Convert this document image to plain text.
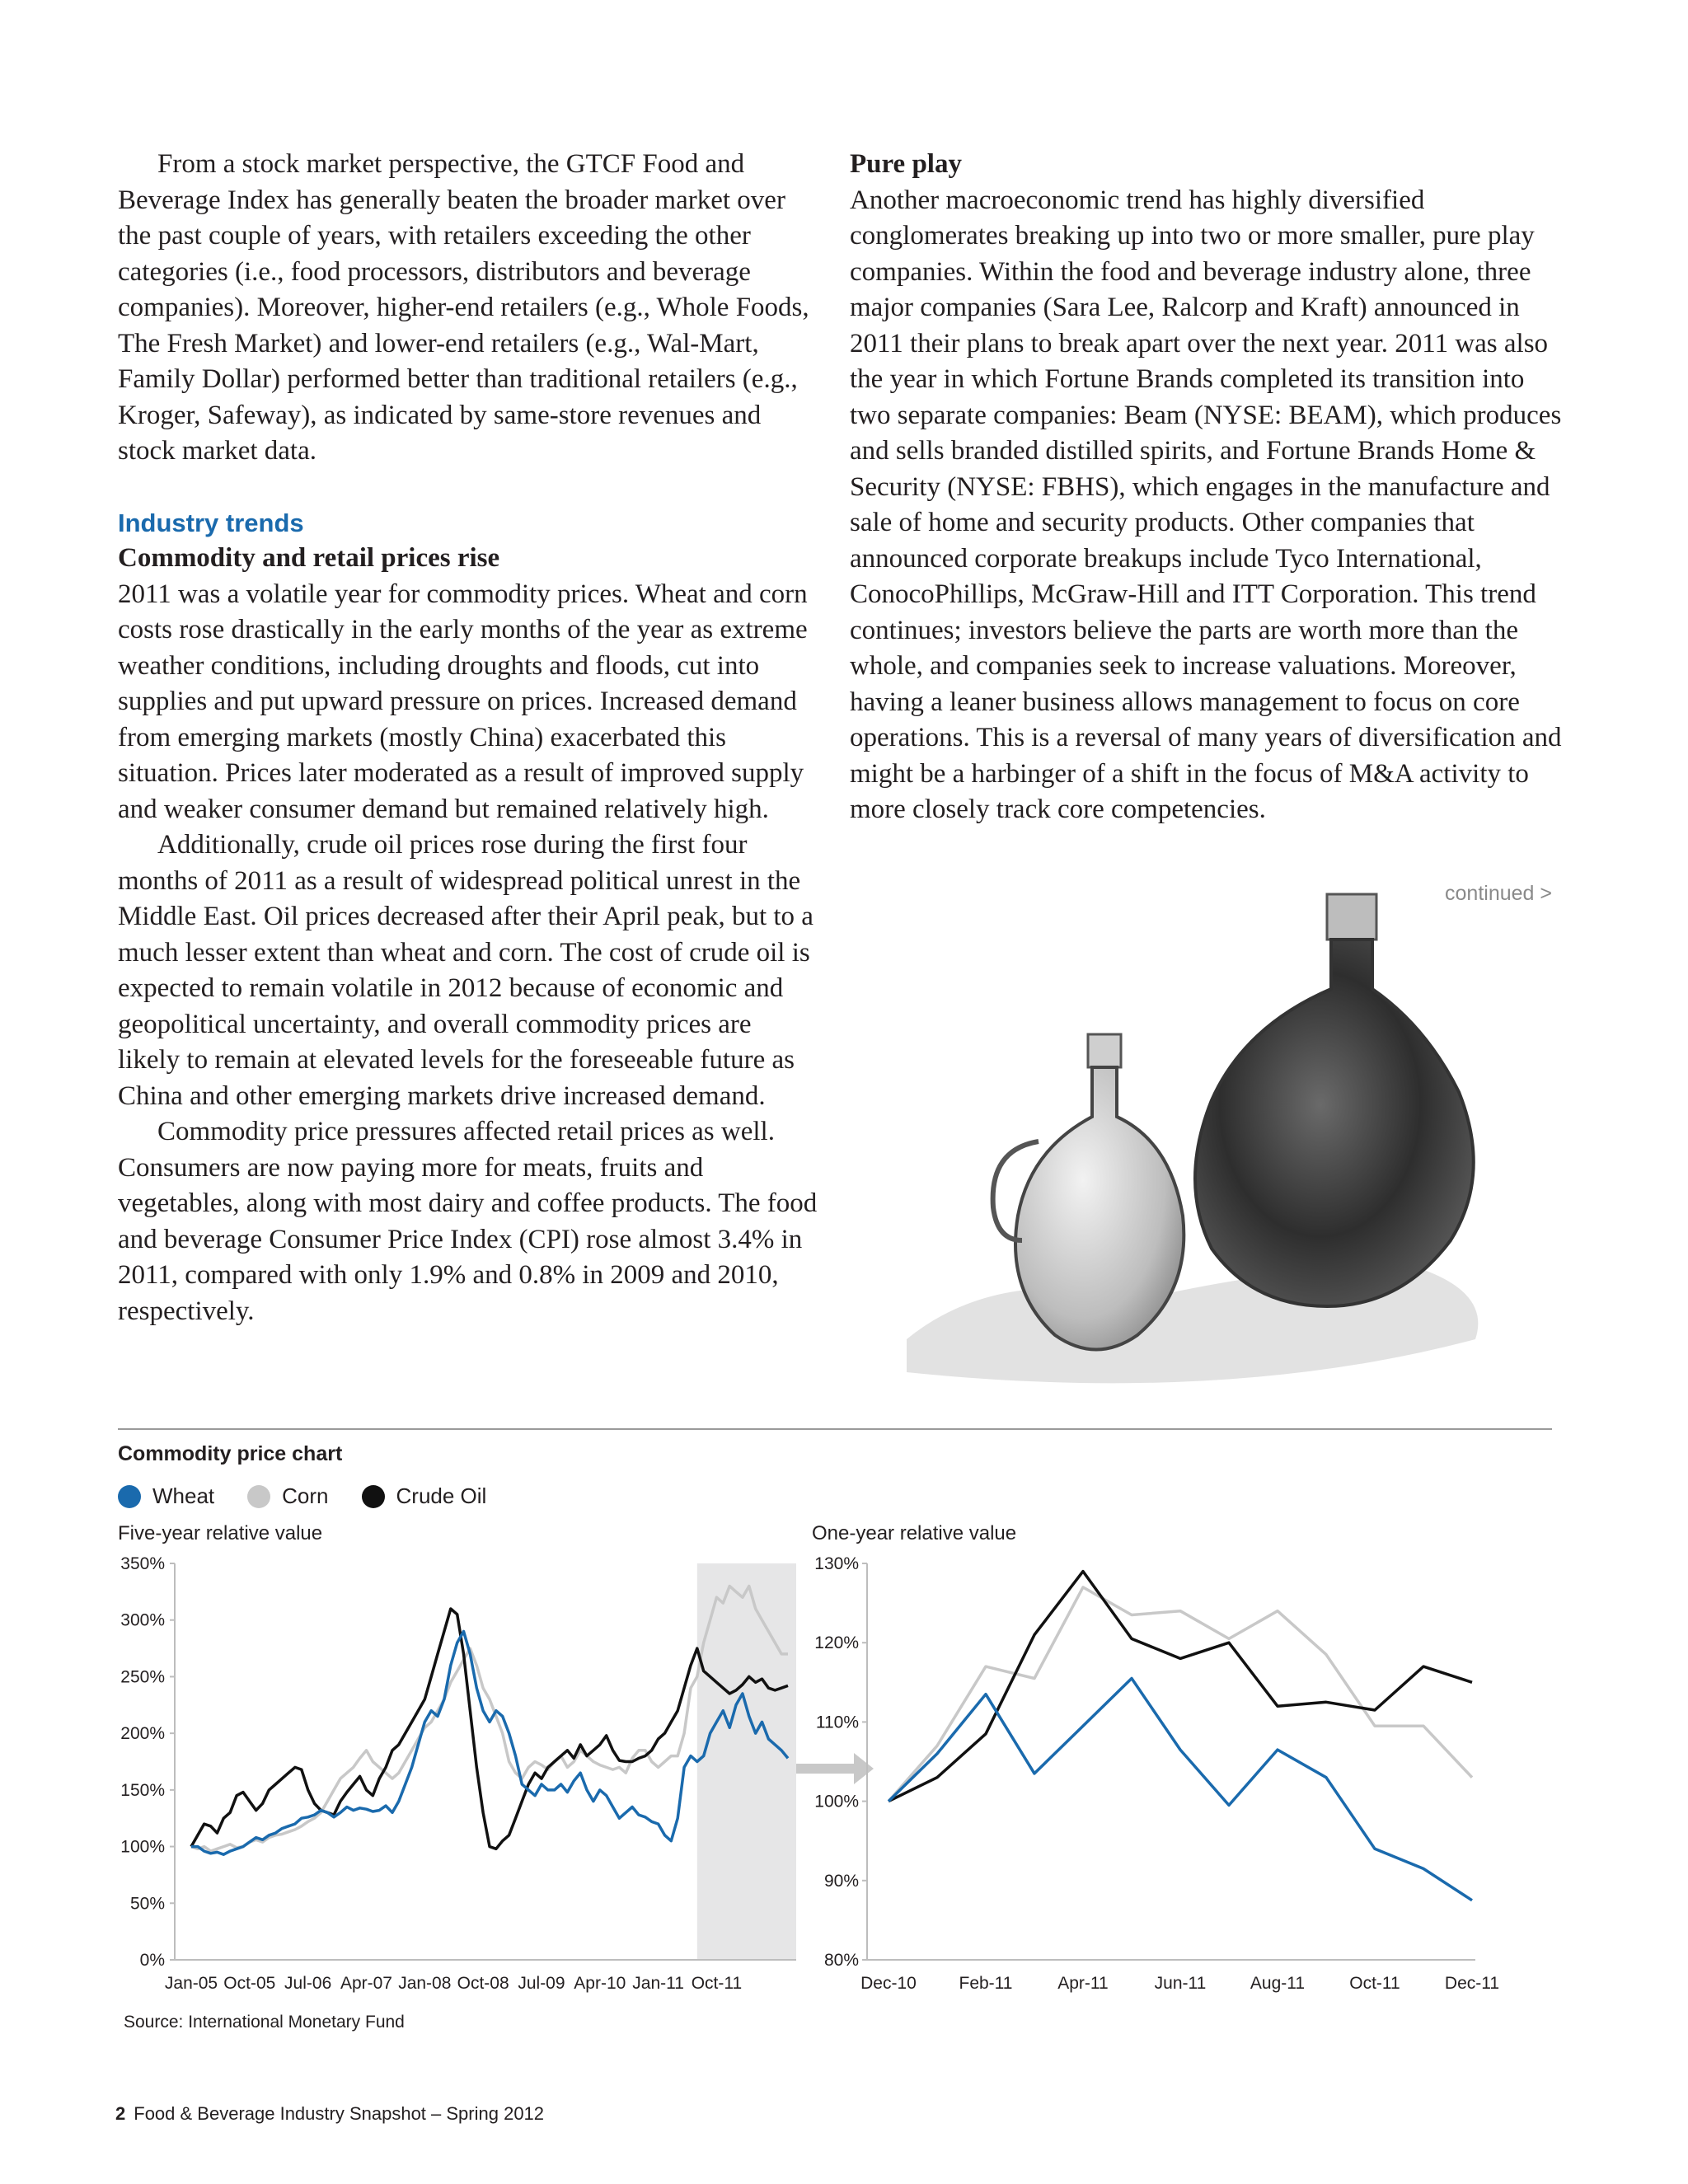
From a stock market perspective, the GTCF Food and Beverage Index has generally beaten the broader market over the past couple of years, with retailers exceeding the other categories (i.e., food processors, distributors and beverage companies). Moreover, higher-end retailers (e.g., Whole Foods, The Fresh Market) and lower-end retailers (e.g., Wal-Mart, Family Dollar) performed better than traditional retailers (e.g., Kroger, Safeway), as indicated by same-store revenues and stock market data.

Industry trends
Commodity and retail prices rise

2011 was a volatile year for commodity prices. Wheat and corn costs rose drastically in the early months of the year as extreme weather conditions, including droughts and floods, cut into supplies and put upward pressure on prices. Increased demand from emerging markets (mostly China) exacerbated this situation. Prices later moderated as a result of improved supply and weaker consumer demand but remained relatively high.

Additionally, crude oil prices rose during the first four months of 2011 as a result of widespread political unrest in the Middle East. Oil prices decreased after their April peak, but to a much lesser extent than wheat and corn. The cost of crude oil is expected to remain volatile in 2012 because of economic and geopolitical uncertainty, and overall commodity prices are likely to remain at elevated levels for the foreseeable future as China and other emerging markets drive increased demand.

Commodity price pressures affected retail prices as well. Consumers are now paying more for meats, fruits and vegetables, along with most dairy and coffee products. The food and beverage Consumer Price Index (CPI) rose almost 3.4% in 2011, compared with only 1.9% and 0.8% in 2009 and 2010, respectively.

Pure play

Another macroeconomic trend has highly diversified conglomerates breaking up into two or more smaller, pure play companies. Within the food and beverage industry alone, three major companies (Sara Lee, Ralcorp and Kraft) announced in 2011 their plans to break apart over the next year. 2011 was also the year in which Fortune Brands completed its transition into two separate companies: Beam (NYSE: BEAM), which produces and sells branded distilled spirits, and Fortune Brands Home & Security (NYSE: FBHS), which engages in the manufacture and sale of home and security products. Other companies that announced corporate breakups include Tyco International, ConocoPhillips, McGraw-Hill and ITT Corporation. This trend continues; investors believe the parts are worth more than the whole, and companies seek to increase valuations. Moreover, having a leaner business allows management to focus on core operations. This is a reversal of many years of diversification and might be a harbinger of a shift in the focus of M&A activity to more closely track core competencies.

continued >
Commodity price chart
Wheat	Corn	Crude Oil
Five-year relative value	One-year relative value
0%
50%
100%
150%
200%
250%
300%
350%
Jan-05 Oct-05 Jul-06 Apr-07 Jan-08 Oct-08 Jul-09 Apr-10 Jan-11 Oct-11
80%
90%
100%
110%
120%
130%
Dec-10 Feb-11	Apr-11	Jun-11	Aug-11	Oct-11	Dec-11
Source: International Monetary Fund
2 Food & Beverage Industry Snapshot – Spring 2012
